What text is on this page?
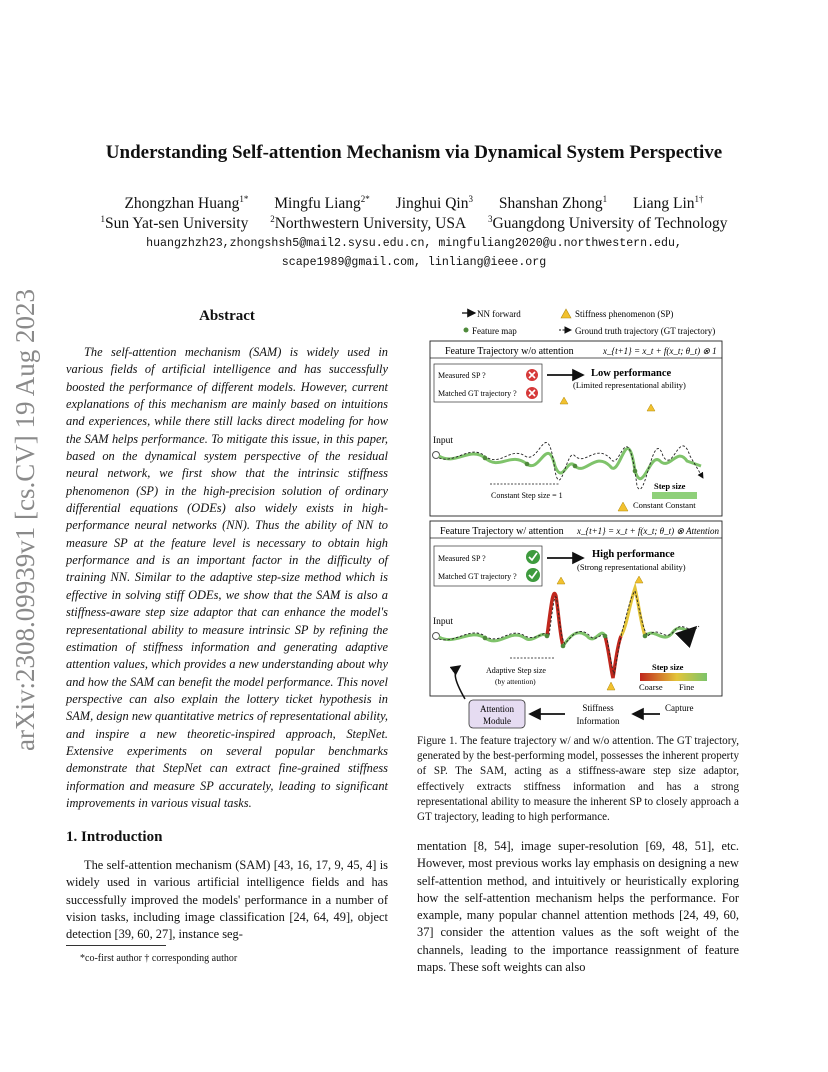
arXiv:2308.09939v1 [cs.CV] 19 Aug 2023
Understanding Self-attention Mechanism via Dynamical System Perspective
Zhongzhan Huang$^{1*}$ Mingfu Liang$^{2*}$ Jinghui Qin$^3$ Shanshan Zhong$^1$ Liang Lin$^{1\dagger}$
$^1$Sun Yat-sen University $^2$Northwestern University, USA $^3$Guangdong University of Technology
huangzhzh23,zhongshsh5@mail2.sysu.edu.cn, mingfuliang2020@u.northwestern.edu,
scape1989@gmail.com, linliang@ieee.org
Abstract
The self-attention mechanism (SAM) is widely used in various fields of artificial intelligence and has successfully boosted the performance of different models. However, current explanations of this mechanism are mainly based on intuitions and experiences, while there still lacks direct modeling for how the SAM helps performance. To mitigate this issue, in this paper, based on the dynamical system perspective of the residual neural network, we first show that the intrinsic stiffness phenomenon (SP) in the high-precision solution of ordinary differential equations (ODEs) also widely exists in high-performance neural networks (NN). Thus the ability of NN to measure SP at the feature level is necessary to obtain high performance and is an important factor in the difficulty of training NN. Similar to the adaptive step-size method which is effective in solving stiff ODEs, we show that the SAM is also a stiffness-aware step size adaptor that can enhance the model's representational ability to measure intrinsic SP by refining the estimation of stiffness information and generating adaptive attention values, which provides a new understanding about why and how the SAM can benefit the model performance. This novel perspective can also explain the lottery ticket hypothesis in SAM, design new quantitative metrics of representational ability, and inspire a new theoretic-inspired approach, StepNet. Extensive experiments on several popular benchmarks demonstrate that StepNet can extract fine-grained stiffness information and measure SP accurately, leading to significant improvements in various visual tasks.
1. Introduction
The self-attention mechanism (SAM) [43, 16, 17, 9, 45, 4] is widely used in various artificial intelligence fields and has successfully improved the models' performance in a number of vision tasks, including image classification [24, 64, 49], object detection [39, 60, 27], instance seg-
*co-first author † corresponding author
mentation [8, 54], image super-resolution [69, 48, 51], etc. However, most previous works lay emphasis on designing a new self-attention method, and intuitively or heuristically exploring how the self-attention mechanism helps the performance. For example, many popular channel attention methods [24, 49, 60, 37] consider the attention values as the soft weight of the channels, leading to the importance reassignment of feature maps. These soft weights can also
NN forward
Feature map
Stiffness phenomenon (SP)
Ground truth trajectory (GT trajectory)
Feature Trajectory w/o attention	x_{t+1} = x_t + f(x_t; θ_t) ⊗ 1
Measured SP ?
Matched GT trajectory ?
Low performance
(Limited representational ability)
Input
Constant Step size = 1
Step size
Constant Constant
Feature Trajectory w/ attention x_{t+1} = x_t + f(x_t; θ_t) ⊗ Attention
Measured SP ?
Matched GT trajectory ?
High performance
(Strong representational ability)
Input
Adaptive Step size
(by attention)
Step size
Coarse Fine
Attention
Module
Stiffness
Information
Capture
Figure 1. The feature trajectory w/ and w/o attention. The GT trajectory, generated by the best-performing model, possesses the inherent property of SP. The SAM, acting as a stiffness-aware step size adaptor, effectively extracts stiffness information and has a strong representational ability to measure the inherent SP to closely approach a GT trajectory, leading to high performance.
